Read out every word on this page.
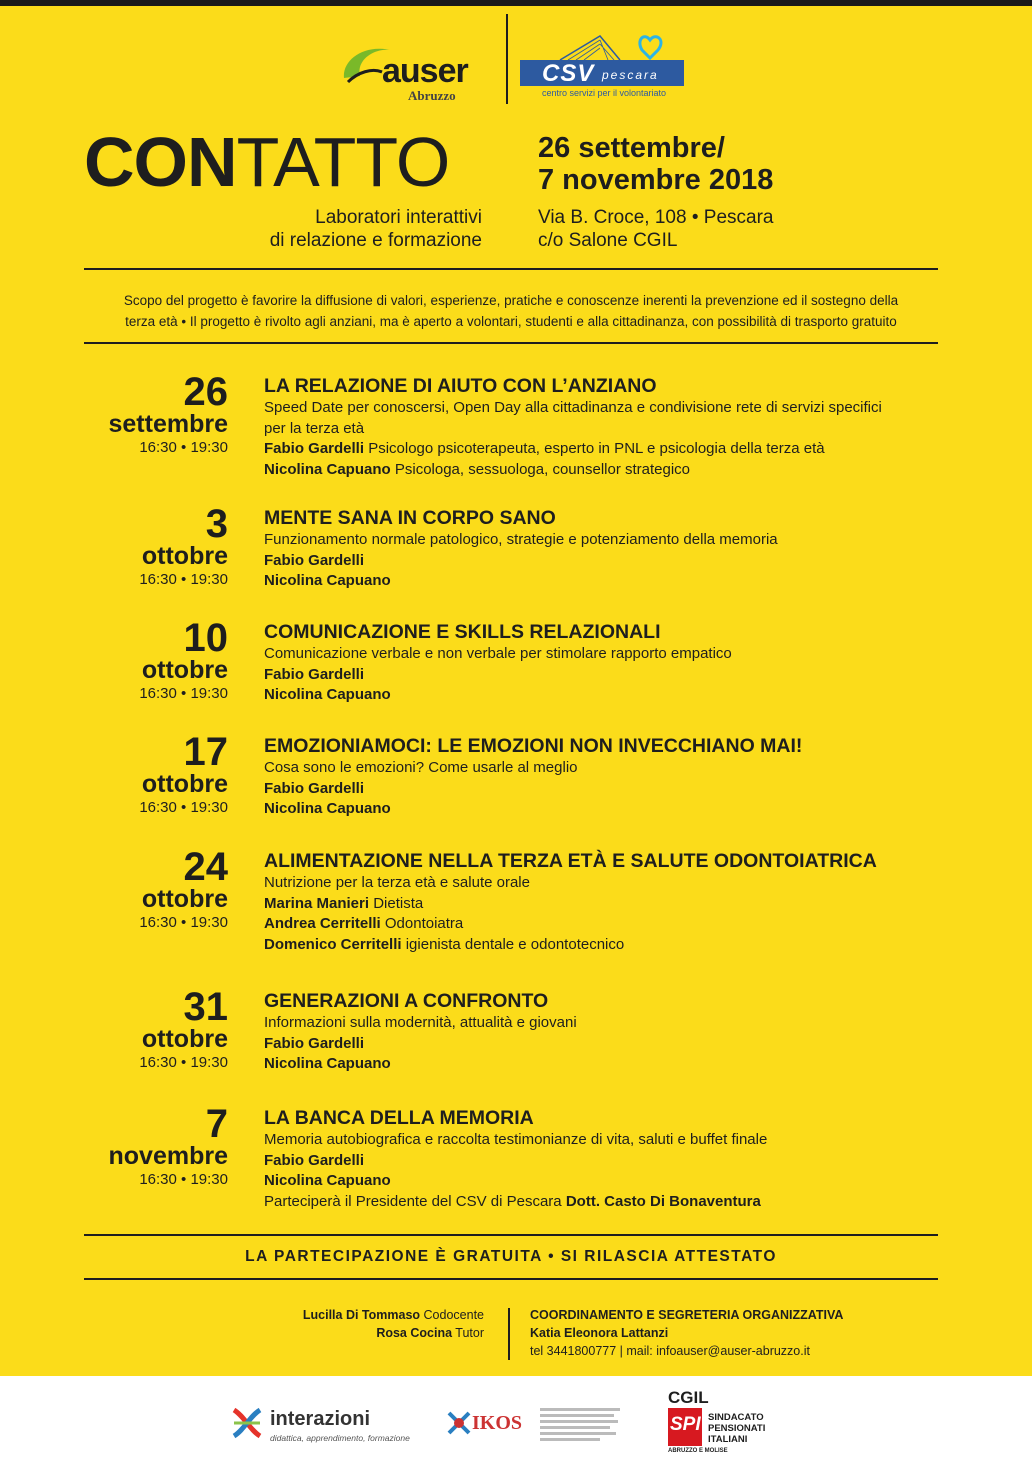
auser
Abruzzo
CSV pescara
centro servizi per il volontariato
CONTATTO
Laboratori interattivi
di relazione e formazione
26 settembre/
7 novembre 2018
Via B. Croce, 108 • Pescara
c/o Salone CGIL
Scopo del progetto è favorire la diffusione di valori, esperienze, pratiche e conoscenze inerenti la prevenzione ed il sostegno della
terza età • Il progetto è rivolto agli anziani, ma è aperto a volontari, studenti e alla cittadinanza, con possibilità di trasporto gratuito
26
settembre
16:30 • 19:30
LA RELAZIONE DI AIUTO CON L’ANZIANO
Speed Date per conoscersi, Open Day alla cittadinanza e condivisione rete di servizi specifici per la terza età
Fabio Gardelli Psicologo psicoterapeuta, esperto in PNL e psicologia della terza età
Nicolina Capuano Psicologa, sessuologa, counsellor strategico
3
ottobre
16:30 • 19:30
MENTE SANA IN CORPO SANO
Funzionamento normale patologico, strategie e potenziamento della memoria
Fabio Gardelli
Nicolina Capuano
10
ottobre
16:30 • 19:30
COMUNICAZIONE E SKILLS RELAZIONALI
Comunicazione verbale e non verbale per stimolare rapporto empatico
Fabio Gardelli
Nicolina Capuano
17
ottobre
16:30 • 19:30
EMOZIONIAMOCI: LE EMOZIONI NON INVECCHIANO MAI!
Cosa sono le emozioni? Come usarle al meglio
Fabio Gardelli
Nicolina Capuano
24
ottobre
16:30 • 19:30
ALIMENTAZIONE NELLA TERZA ETÀ E SALUTE ODONTOIATRICA
Nutrizione per la terza età e salute orale
Marina Manieri Dietista
Andrea Cerritelli Odontoiatra
Domenico Cerritelli igienista dentale e odontotecnico
31
ottobre
16:30 • 19:30
GENERAZIONI A CONFRONTO
Informazioni sulla modernità, attualità e giovani
Fabio Gardelli
Nicolina Capuano
7
novembre
16:30 • 19:30
LA BANCA DELLA MEMORIA
Memoria autobiografica e raccolta testimonianze di vita, saluti e buffet finale
Fabio Gardelli
Nicolina Capuano
Parteciperà il Presidente del CSV di Pescara Dott. Casto Di Bonaventura
LA PARTECIPAZIONE È GRATUITA • SI RILASCIA ATTESTATO
Lucilla Di Tommaso Codocente
Rosa Cocina Tutor
COORDINAMENTO E SEGRETERIA ORGANIZZATIVA
Katia Eleonora Lattanzi
tel 3441800777 | mail: infoauser@auser-abruzzo.it
interazioni
didattica, apprendimento, formazione
IKOS
CGIL
SPI SINDACATO
PENSIONATI
ITALIANI
ABRUZZO E MOLISE
